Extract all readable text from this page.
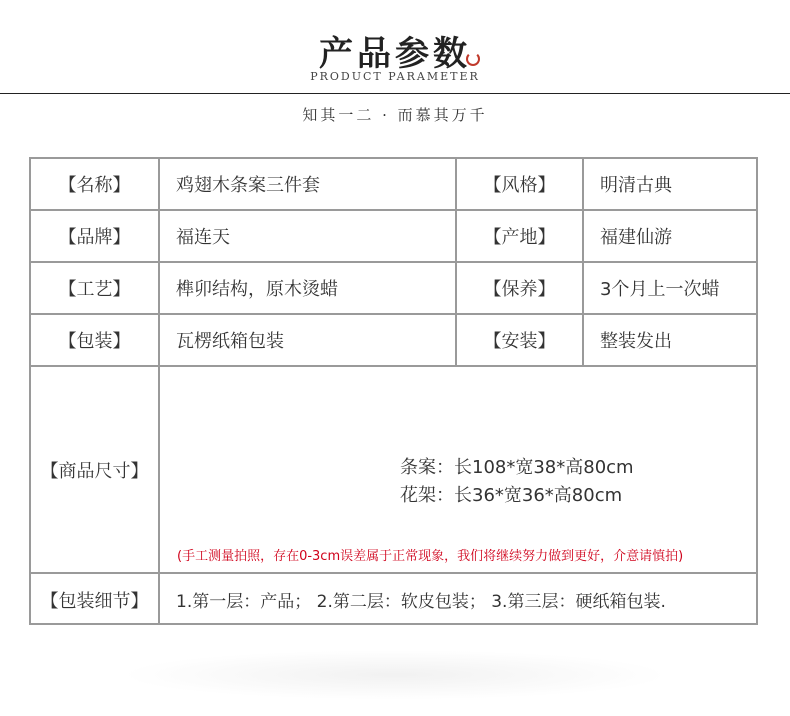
产品参数
PRODUCT PARAMETER
知其一二 · 而慕其万千
【名称】	鸡翅木条案三件套	【风格】	明清古典
【品牌】	福连天	【产地】	福建仙游
【工艺】	榫卯结构，原木烫蜡	【保养】	3个月上一次蜡
【包装】	瓦楞纸箱包装	【安装】	整装发出
【商品尺寸】	条案：长108*宽38*高80cm
花架：长36*宽36*高80cm
(手工测量拍照，存在0-3cm误差属于正常现象，我们将继续努力做到更好，介意请慎拍)
【包装细节】	1.第一层：产品； 2.第二层：软皮包装； 3.第三层：硬纸箱包装.
